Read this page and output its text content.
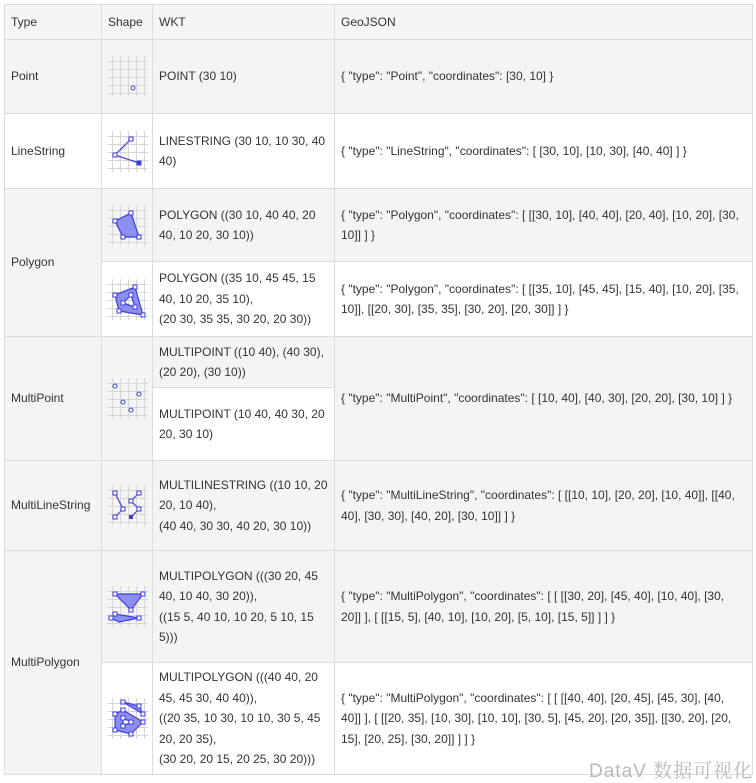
Type	Shape	WKT	GeoJSON
Point		POINT (30 10)	{ "type": "Point", "coordinates": [30, 10] }
LineString		LINESTRING (30 10, 10 30, 40 40)	{ "type": "LineString", "coordinates": [ [30, 10], [10, 30], [40, 40] ] }
Polygon		POLYGON ((30 10, 40 40, 20 40, 10 20, 30 10))	{ "type": "Polygon", "coordinates": [ [[30, 10], [40, 40], [20, 40], [10, 20], [30, 10]] ] }

POLYGON ((35 10, 45 45, 15 40, 10 20, 35 10),
(20 30, 35 35, 30 20, 20 30))	{ "type": "Polygon", "coordinates": [ [[35, 10], [45, 45], [15, 40], [10, 20], [35, 10]], [[20, 30], [35, 35], [30, 20], [20, 30]] ] }
MultiPoint		MULTIPOINT ((10 40), (40 30), (20 20), (30 10))	{ "type": "MultiPoint", "coordinates": [ [10, 40], [40, 30], [20, 20], [30, 10] ] }
		MULTIPOINT (10 40, 40 30, 20 20, 30 10)	
MultiLineString		MULTILINESTRING ((10 10, 20 20, 10 40),
(40 40, 30 30, 40 20, 30 10))	{ "type": "MultiLineString", "coordinates": [ [[10, 10], [20, 20], [10, 40]], [[40, 40], [30, 30], [40, 20], [30, 10]] ] }
MultiPolygon		MULTIPOLYGON (((30 20, 45 40, 10 40, 30 20)),
((15 5, 40 10, 10 20, 5 10, 15 5)))	{ "type": "MultiPolygon", "coordinates": [ [ [[30, 20], [45, 40], [10, 40], [30, 20]] ], [ [[15, 5], [40, 10], [10, 20], [5, 10], [15, 5]] ] ] }

MULTIPOLYGON (((40 40, 20 45, 45 30, 40 40)),
((20 35, 10 30, 10 10, 30 5, 45 20, 20 35),
(30 20, 20 15, 20 25, 30 20)))	{ "type": "MultiPolygon", "coordinates": [ [ [[40, 40], [20, 45], [45, 30], [40, 40]] ], [ [[20, 35], [10, 30], [10, 10], [30, 5], [45, 20], [20, 35]], [[30, 20], [20, 15], [20, 25], [30, 20]] ] ] }
DataV 数据可视化
